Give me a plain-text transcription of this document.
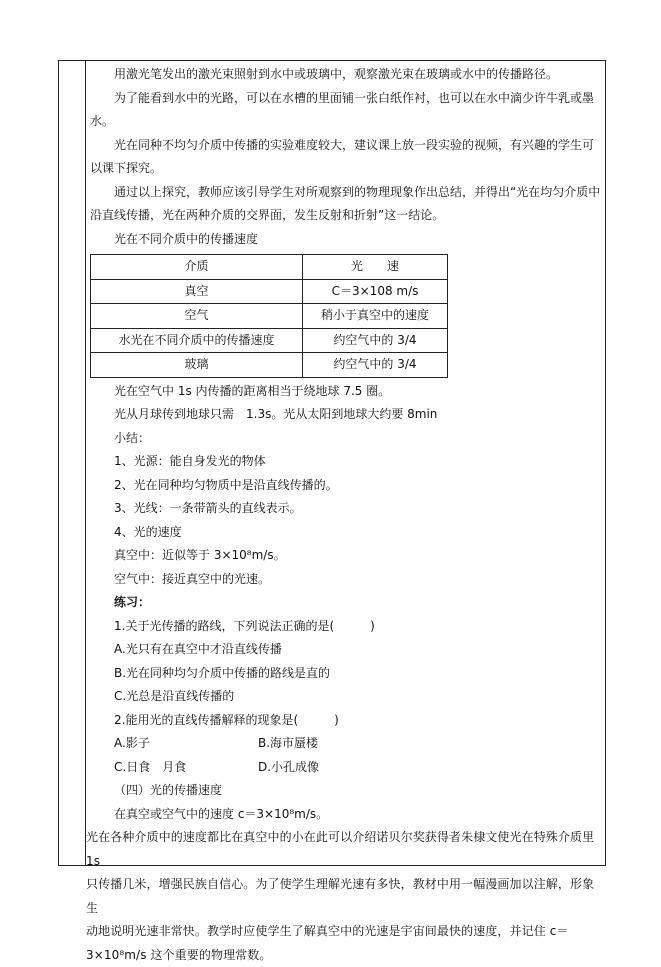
用激光笔发出的激光束照射到水中或玻璃中，观察激光束在玻璃或水中的传播路径。

为了能看到水中的光路，可以在水槽的里面铺一张白纸作衬，也可以在水中滴少许牛乳或墨水。

光在同种不均匀介质中传播的实验难度较大，建议课上放一段实验的视频，有兴趣的学生可以课下探究。

通过以上探究，教师应该引导学生对所观察到的物理现象作出总结，并得出“光在均匀介质中沿直线传播，光在两种介质的交界面，发生反射和折射”这一结论。

光在不同介质中的传播速度

介质	光　　速
真空	C＝3×108 m/s
空气	稍小于真空中的速度
水光在不同介质中的传播速度	约空气中的 3/4
玻璃	约空气中的 3/4

光在空气中 1s 内传播的距离相当于绕地球 7.5 圈。

光从月球传到地球只需　1.3s。光从太阳到地球大约要 8min

小结：

1、光源：能自身发光的物体

2、光在同种均匀物质中是沿直线传播的。

3、光线：一条带箭头的直线表示。

4、光的速度

真空中：近似等于 3×10⁸m/s。

空气中：接近真空中的光速。

练习：

1.关于光传播的路线，下列说法正确的是(　　　)

A.光只有在真空中才沿直线传播

B.光在同种均匀介质中传播的路线是直的

C.光总是沿直线传播的

2.能用光的直线传播解释的现象是(　　　)

A.影子	B.海市蜃楼
C.日食　月食	D.小孔成像

（四）光的传播速度

在真空或空气中的速度 c＝3×10⁸m/s。

光在各种介质中的速度都比在真空中的小在此可以介绍诺贝尔奖获得者朱棣文使光在特殊介质里 1s

只传播几米，增强民族自信心。为了使学生理解光速有多快，教材中用一幅漫画加以注解，形象生

动地说明光速非常快。教学时应使学生了解真空中的光速是宇宙间最快的速度，并记住 c＝

3×10⁸m/s 这个重要的物理常数。
